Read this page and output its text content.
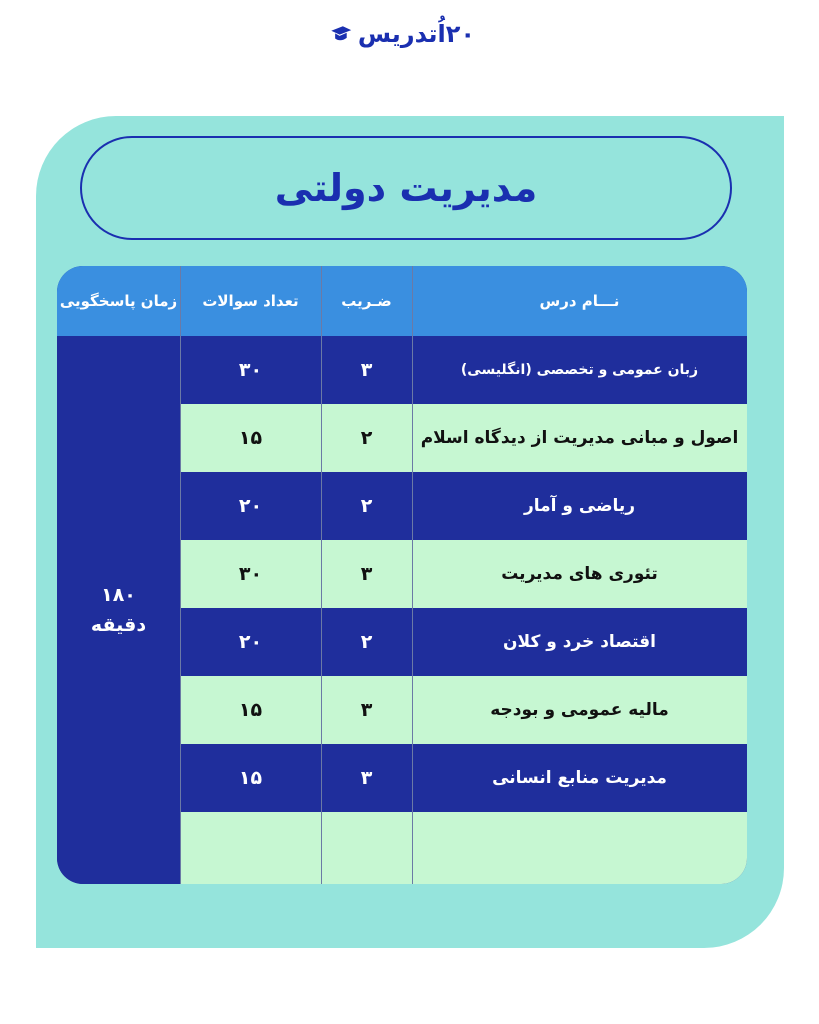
۲۰اُتدریس
مدیریت دولتی
زمان پاسخگویی	تعداد سوالات	ضـریب	نـــام درس
۱۸۰
دقیقه
۳۰	۳	زبان عمومی و تخصصی (انگلیسی)
۱۵	۲	اصول و مبانی مدیریت از دیدگاه اسلام
۲۰	۲	ریاضی و آمار
۳۰	۳	تئوری های مدیریت
۲۰	۲	اقتصاد خرد و کلان
۱۵	۳	مالیه عمومی و بودجه
۱۵	۳	مدیریت منابع انسانی
